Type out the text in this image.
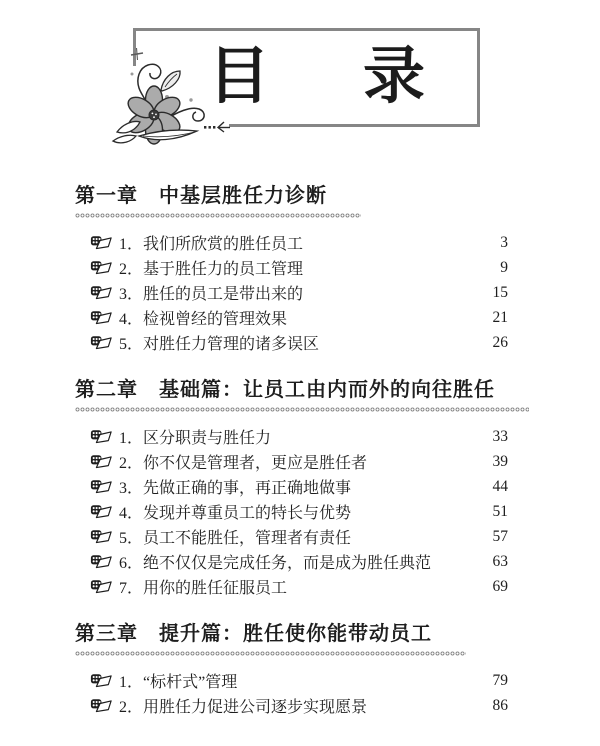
目 录
第一章　中基层胜任力诊断
1．我们所欣赏的胜任员工	3
2．基于胜任力的员工管理	9
3．胜任的员工是带出来的	15
4．检视曾经的管理效果	21
5．对胜任力管理的诸多误区	26
第二章　基础篇：让员工由内而外的向往胜任
1．区分职责与胜任力	33
2．你不仅是管理者，更应是胜任者	39
3．先做正确的事，再正确地做事	44
4．发现并尊重员工的特长与优势	51
5．员工不能胜任，管理者有责任	57
6．绝不仅仅是完成任务，而是成为胜任典范	63
7．用你的胜任征服员工	69
第三章　提升篇：胜任使你能带动员工
1．“标杆式”管理	79
2．用胜任力促进公司逐步实现愿景	86
